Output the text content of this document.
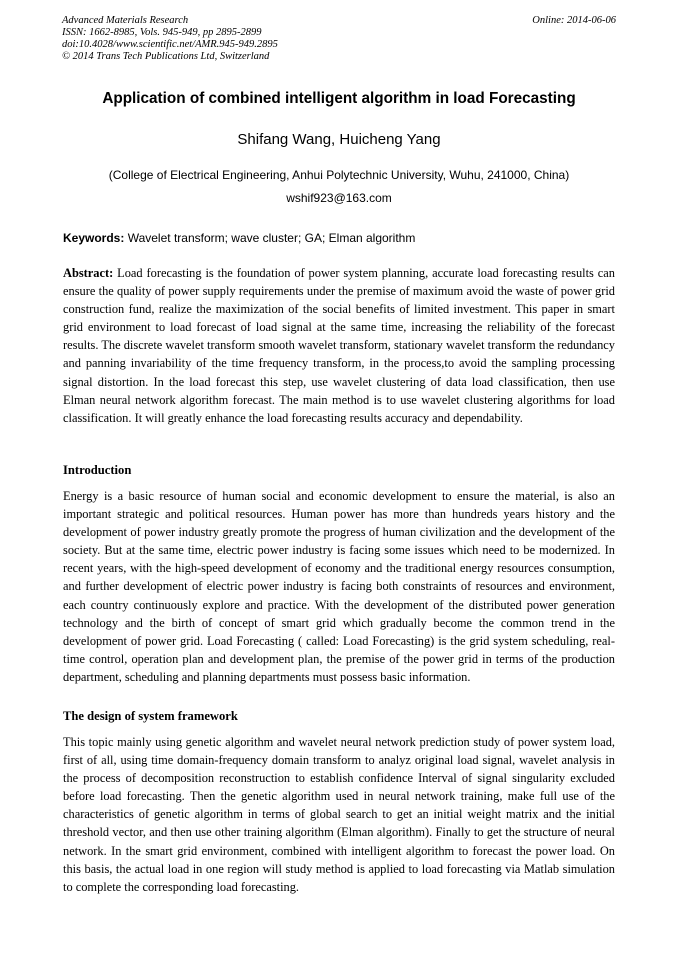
Advanced Materials Research
ISSN: 1662-8985, Vols. 945-949, pp 2895-2899
doi:10.4028/www.scientific.net/AMR.945-949.2895
© 2014 Trans Tech Publications Ltd, Switzerland
Online: 2014-06-06
Application of combined intelligent algorithm in load Forecasting
Shifang Wang, Huicheng Yang
(College of Electrical Engineering, Anhui Polytechnic University, Wuhu, 241000, China)
wshif923@163.com
Keywords: Wavelet transform; wave cluster; GA; Elman algorithm

Abstract: Load forecasting is the foundation of power system planning, accurate load forecasting results can ensure the quality of power supply requirements under the premise of maximum avoid the waste of power grid construction fund, realize the maximization of the social benefits of limited investment. This paper in smart grid environment to load forecast of load signal at the same time, increasing the reliability of the forecast results. The discrete wavelet transform smooth wavelet transform, stationary wavelet transform the redundancy and panning invariability of the time frequency transform, in the process,to avoid the sampling processing signal distortion. In the load forecast this step, use wavelet clustering of data load classification, then use Elman neural network algorithm forecast. The main method is to use wavelet clustering algorithms for load classification. It will greatly enhance the load forecasting results accuracy and dependability.

Introduction

Energy is a basic resource of human social and economic development to ensure the material, is also an important strategic and political resources. Human power has more than hundreds years history and the development of power industry greatly promote the progress of human civilization and the development of the society. But at the same time, electric power industry is facing some issues which need to be modernized. In recent years, with the high-speed development of economy and the traditional energy resources consumption, and further development of electric power industry is facing both constraints of resources and environment, each country continuously explore and practice. With the development of the distributed power generation technology and the birth of concept of smart grid which gradually become the common trend in the development of power grid. Load Forecasting ( called: Load Forecasting) is the grid system scheduling, real-time control, operation plan and development plan, the premise of the power grid in terms of the production department, scheduling and planning departments must possess basic information.

The design of system framework

This topic mainly using genetic algorithm and wavelet neural network prediction study of power system load, first of all, using time domain-frequency domain transform to analyz original load signal, wavelet analysis in the process of decomposition reconstruction to establish confidence Interval of signal singularity excluded before load forecasting. Then the genetic algorithm used in neural network training, make full use of the characteristics of genetic algorithm in terms of global search to get an initial weight matrix and the initial threshold vector, and then use other training algorithm (Elman algorithm). Finally to get the structure of neural network. In the smart grid environment, combined with intelligent algorithm to forecast the power load. On this basis, the actual load in one region will study method is applied to load forecasting via Matlab simulation to complete the corresponding load forecasting.
